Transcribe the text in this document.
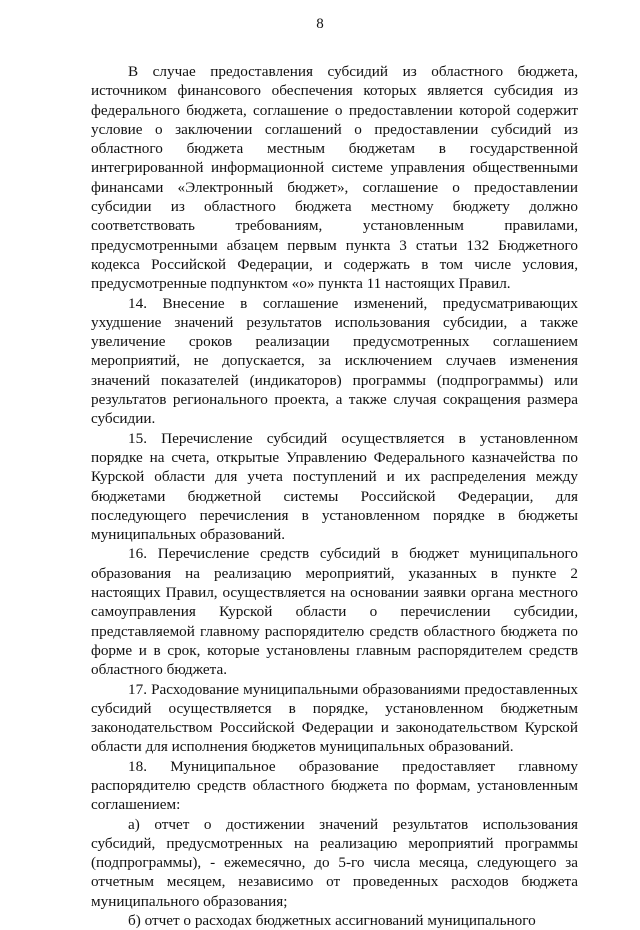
8

В случае предоставления субсидий из областного бюджета, источником финансового обеспечения которых является субсидия из федерального бюджета, соглашение о предоставлении которой содержит условие о заключении соглашений о предоставлении субсидий из областного бюджета местным бюджетам в государственной интегрированной информационной системе управления общественными финансами «Электронный бюджет», соглашение о предоставлении субсидии из областного бюджета местному бюджету должно соответствовать требованиям, установленным правилами, предусмотренными абзацем первым пункта 3 статьи 132 Бюджетного кодекса Российской Федерации, и содержать в том числе условия, предусмотренные подпунктом «о» пункта 11 настоящих Правил.

14. Внесение в соглашение изменений, предусматривающих ухудшение значений результатов использования субсидии, а также увеличение сроков реализации предусмотренных соглашением мероприятий, не допускается, за исключением случаев изменения значений показателей (индикаторов) программы (подпрограммы) или результатов регионального проекта, а также случая сокращения размера субсидии.

15. Перечисление субсидий осуществляется в установленном порядке на счета, открытые Управлению Федерального казначейства по Курской области для учета поступлений и их распределения между бюджетами бюджетной системы Российской Федерации, для последующего перечисления в установленном порядке в бюджеты муниципальных образований.

16. Перечисление средств субсидий в бюджет муниципального образования на реализацию мероприятий, указанных в пункте 2 настоящих Правил, осуществляется на основании заявки органа местного самоуправления Курской области о перечислении субсидии, представляемой главному распорядителю средств областного бюджета по форме и в срок, которые установлены главным распорядителем средств областного бюджета.

17. Расходование муниципальными образованиями предоставленных субсидий осуществляется в порядке, установленном бюджетным законодательством Российской Федерации и законодательством Курской области для исполнения бюджетов муниципальных образований.

18. Муниципальное образование предоставляет главному распорядителю средств областного бюджета по формам, установленным соглашением:

а) отчет о достижении значений результатов использования субсидий, предусмотренных на реализацию мероприятий программы (подпрограммы), - ежемесячно, до 5-го числа месяца, следующего за отчетным месяцем, независимо от проведенных расходов бюджета муниципального образования;

б) отчет о расходах бюджетных ассигнований муниципального
